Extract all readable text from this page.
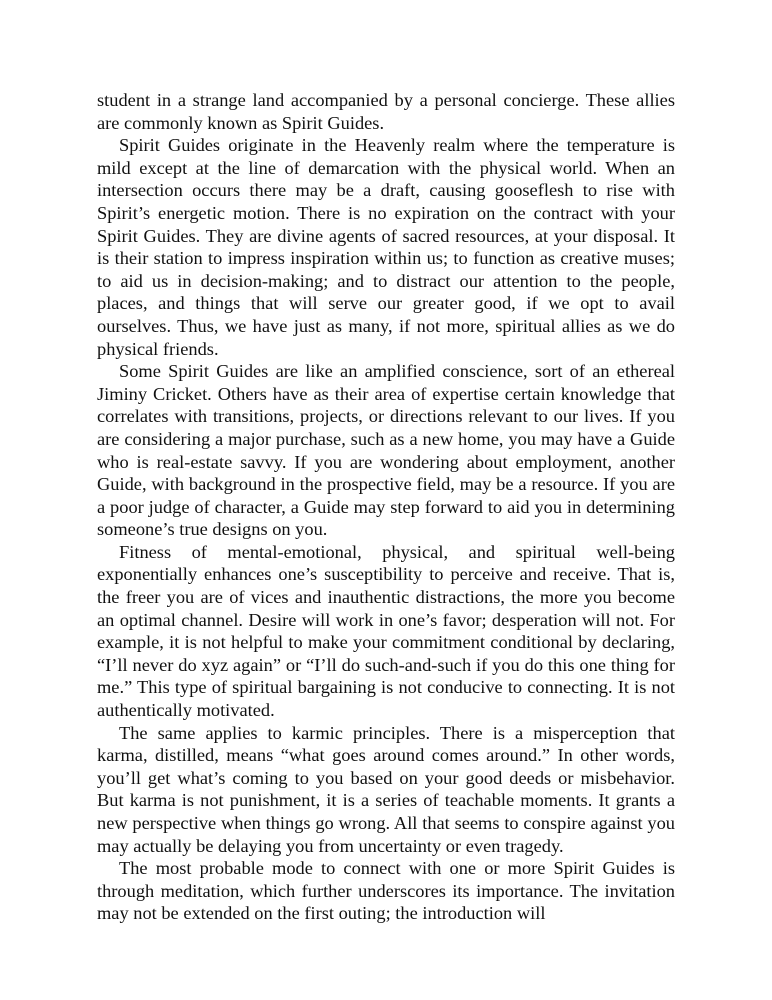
student in a strange land accompanied by a personal concierge. These allies are commonly known as Spirit Guides.

Spirit Guides originate in the Heavenly realm where the temperature is mild except at the line of demarcation with the physical world. When an intersection occurs there may be a draft, causing gooseflesh to rise with Spirit’s energetic motion. There is no expiration on the contract with your Spirit Guides. They are divine agents of sacred resources, at your disposal. It is their station to impress inspiration within us; to function as creative muses; to aid us in decision-making; and to distract our attention to the people, places, and things that will serve our greater good, if we opt to avail ourselves. Thus, we have just as many, if not more, spiritual allies as we do physical friends.

Some Spirit Guides are like an amplified conscience, sort of an ethereal Jiminy Cricket. Others have as their area of expertise certain knowledge that correlates with transitions, projects, or directions relevant to our lives. If you are considering a major purchase, such as a new home, you may have a Guide who is real-estate savvy. If you are wondering about employment, another Guide, with background in the prospective field, may be a resource. If you are a poor judge of character, a Guide may step forward to aid you in determining someone’s true designs on you.

Fitness of mental-emotional, physical, and spiritual well-being exponentially enhances one’s susceptibility to perceive and receive. That is, the freer you are of vices and inauthentic distractions, the more you become an optimal channel. Desire will work in one’s favor; desperation will not. For example, it is not helpful to make your commitment conditional by declaring, “I’ll never do xyz again” or “I’ll do such-and-such if you do this one thing for me.” This type of spiritual bargaining is not conducive to connecting. It is not authentically motivated.

The same applies to karmic principles. There is a misperception that karma, distilled, means “what goes around comes around.” In other words, you’ll get what’s coming to you based on your good deeds or misbehavior. But karma is not punishment, it is a series of teachable moments. It grants a new perspective when things go wrong. All that seems to conspire against you may actually be delaying you from uncertainty or even tragedy.

The most probable mode to connect with one or more Spirit Guides is through meditation, which further underscores its importance. The invitation may not be extended on the first outing; the introduction will
